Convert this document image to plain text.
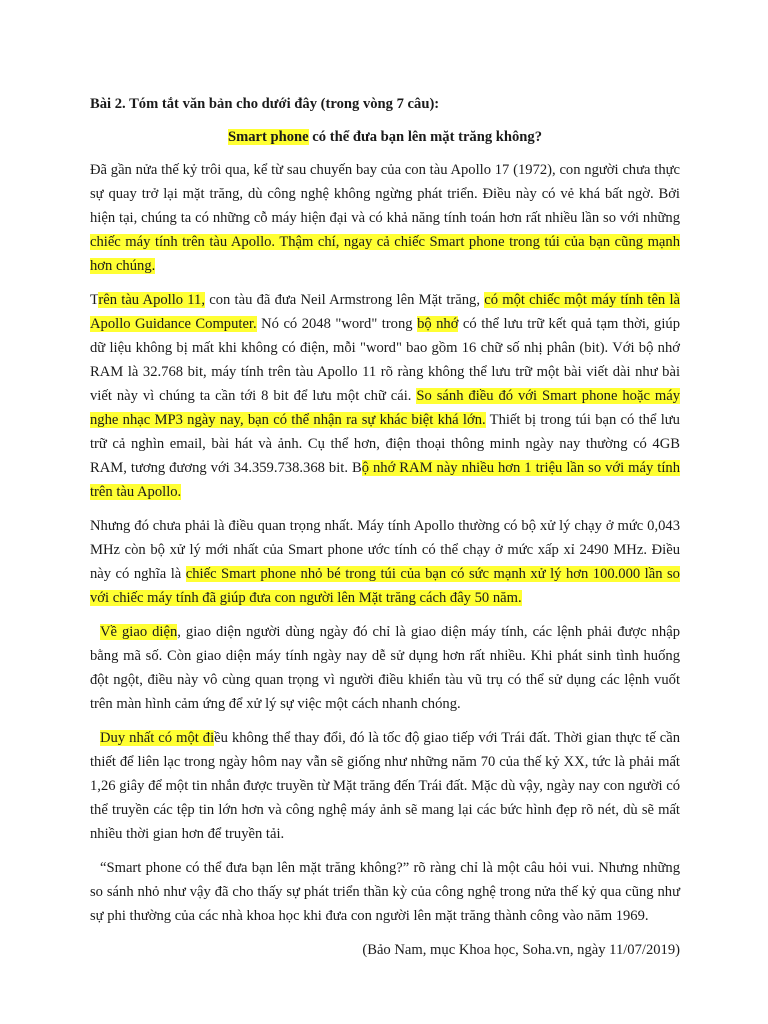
Bài 2. Tóm tắt văn bản cho dưới đây (trong vòng 7 câu):
Smart phone có thể đưa bạn lên mặt trăng không?

Đã gần nửa thế kỷ trôi qua, kể từ sau chuyến bay của con tàu Apollo 17 (1972), con người chưa thực sự quay trở lại mặt trăng, dù công nghệ không ngừng phát triển. Điều này có vẻ khá bất ngờ. Bởi hiện tại, chúng ta có những cỗ máy hiện đại và có khả năng tính toán hơn rất nhiều lần so với những chiếc máy tính trên tàu Apollo. Thậm chí, ngay cả chiếc Smart phone trong túi của bạn cũng mạnh hơn chúng.

Trên tàu Apollo 11, con tàu đã đưa Neil Armstrong lên Mặt trăng, có một chiếc một máy tính tên là Apollo Guidance Computer. Nó có 2048 "word" trong bộ nhớ có thể lưu trữ kết quả tạm thời, giúp dữ liệu không bị mất khi không có điện, mỗi "word" bao gồm 16 chữ số nhị phân (bit). Với bộ nhớ RAM là 32.768 bit, máy tính trên tàu Apollo 11 rõ ràng không thể lưu trữ một bài viết dài như bài viết này vì chúng ta cần tới 8 bit để lưu một chữ cái. So sánh điều đó với Smart phone hoặc máy nghe nhạc MP3 ngày nay, bạn có thể nhận ra sự khác biệt khá lớn. Thiết bị trong túi bạn có thể lưu trữ cả nghìn email, bài hát và ảnh. Cụ thể hơn, điện thoại thông minh ngày nay thường có 4GB RAM, tương đương với 34.359.738.368 bit. Bộ nhớ RAM này nhiều hơn 1 triệu lần so với máy tính trên tàu Apollo.

Nhưng đó chưa phải là điều quan trọng nhất. Máy tính Apollo thường có bộ xử lý chạy ở mức 0,043 MHz còn bộ xử lý mới nhất của Smart phone ước tính có thể chạy ở mức xấp xỉ 2490 MHz. Điều này có nghĩa là chiếc Smart phone nhỏ bé trong túi của bạn có sức mạnh xử lý hơn 100.000 lần so với chiếc máy tính đã giúp đưa con người lên Mặt trăng cách đây 50 năm.

Về giao diện, giao diện người dùng ngày đó chỉ là giao diện máy tính, các lệnh phải được nhập bằng mã số. Còn giao diện máy tính ngày nay dễ sử dụng hơn rất nhiều. Khi phát sinh tình huống đột ngột, điều này vô cùng quan trọng vì người điều khiển tàu vũ trụ có thể sử dụng các lệnh vuốt trên màn hình cảm ứng để xử lý sự việc một cách nhanh chóng.

Duy nhất có một điều không thể thay đổi, đó là tốc độ giao tiếp với Trái đất. Thời gian thực tế cần thiết để liên lạc trong ngày hôm nay vẫn sẽ giống như những năm 70 của thế kỷ XX, tức là phải mất 1,26 giây để một tin nhắn được truyền từ Mặt trăng đến Trái đất. Mặc dù vậy, ngày nay con người có thể truyền các tệp tin lớn hơn và công nghệ máy ảnh sẽ mang lại các bức hình đẹp rõ nét, dù sẽ mất nhiều thời gian hơn để truyền tải.

“Smart phone có thể đưa bạn lên mặt trăng không?” rõ ràng chỉ là một câu hỏi vui. Nhưng những so sánh nhỏ như vậy đã cho thấy sự phát triển thần kỳ của công nghệ trong nửa thế kỷ qua cũng như sự phi thường của các nhà khoa học khi đưa con người lên mặt trăng thành công vào năm 1969.

(Bảo Nam, mục Khoa học, Soha.vn, ngày 11/07/2019)
